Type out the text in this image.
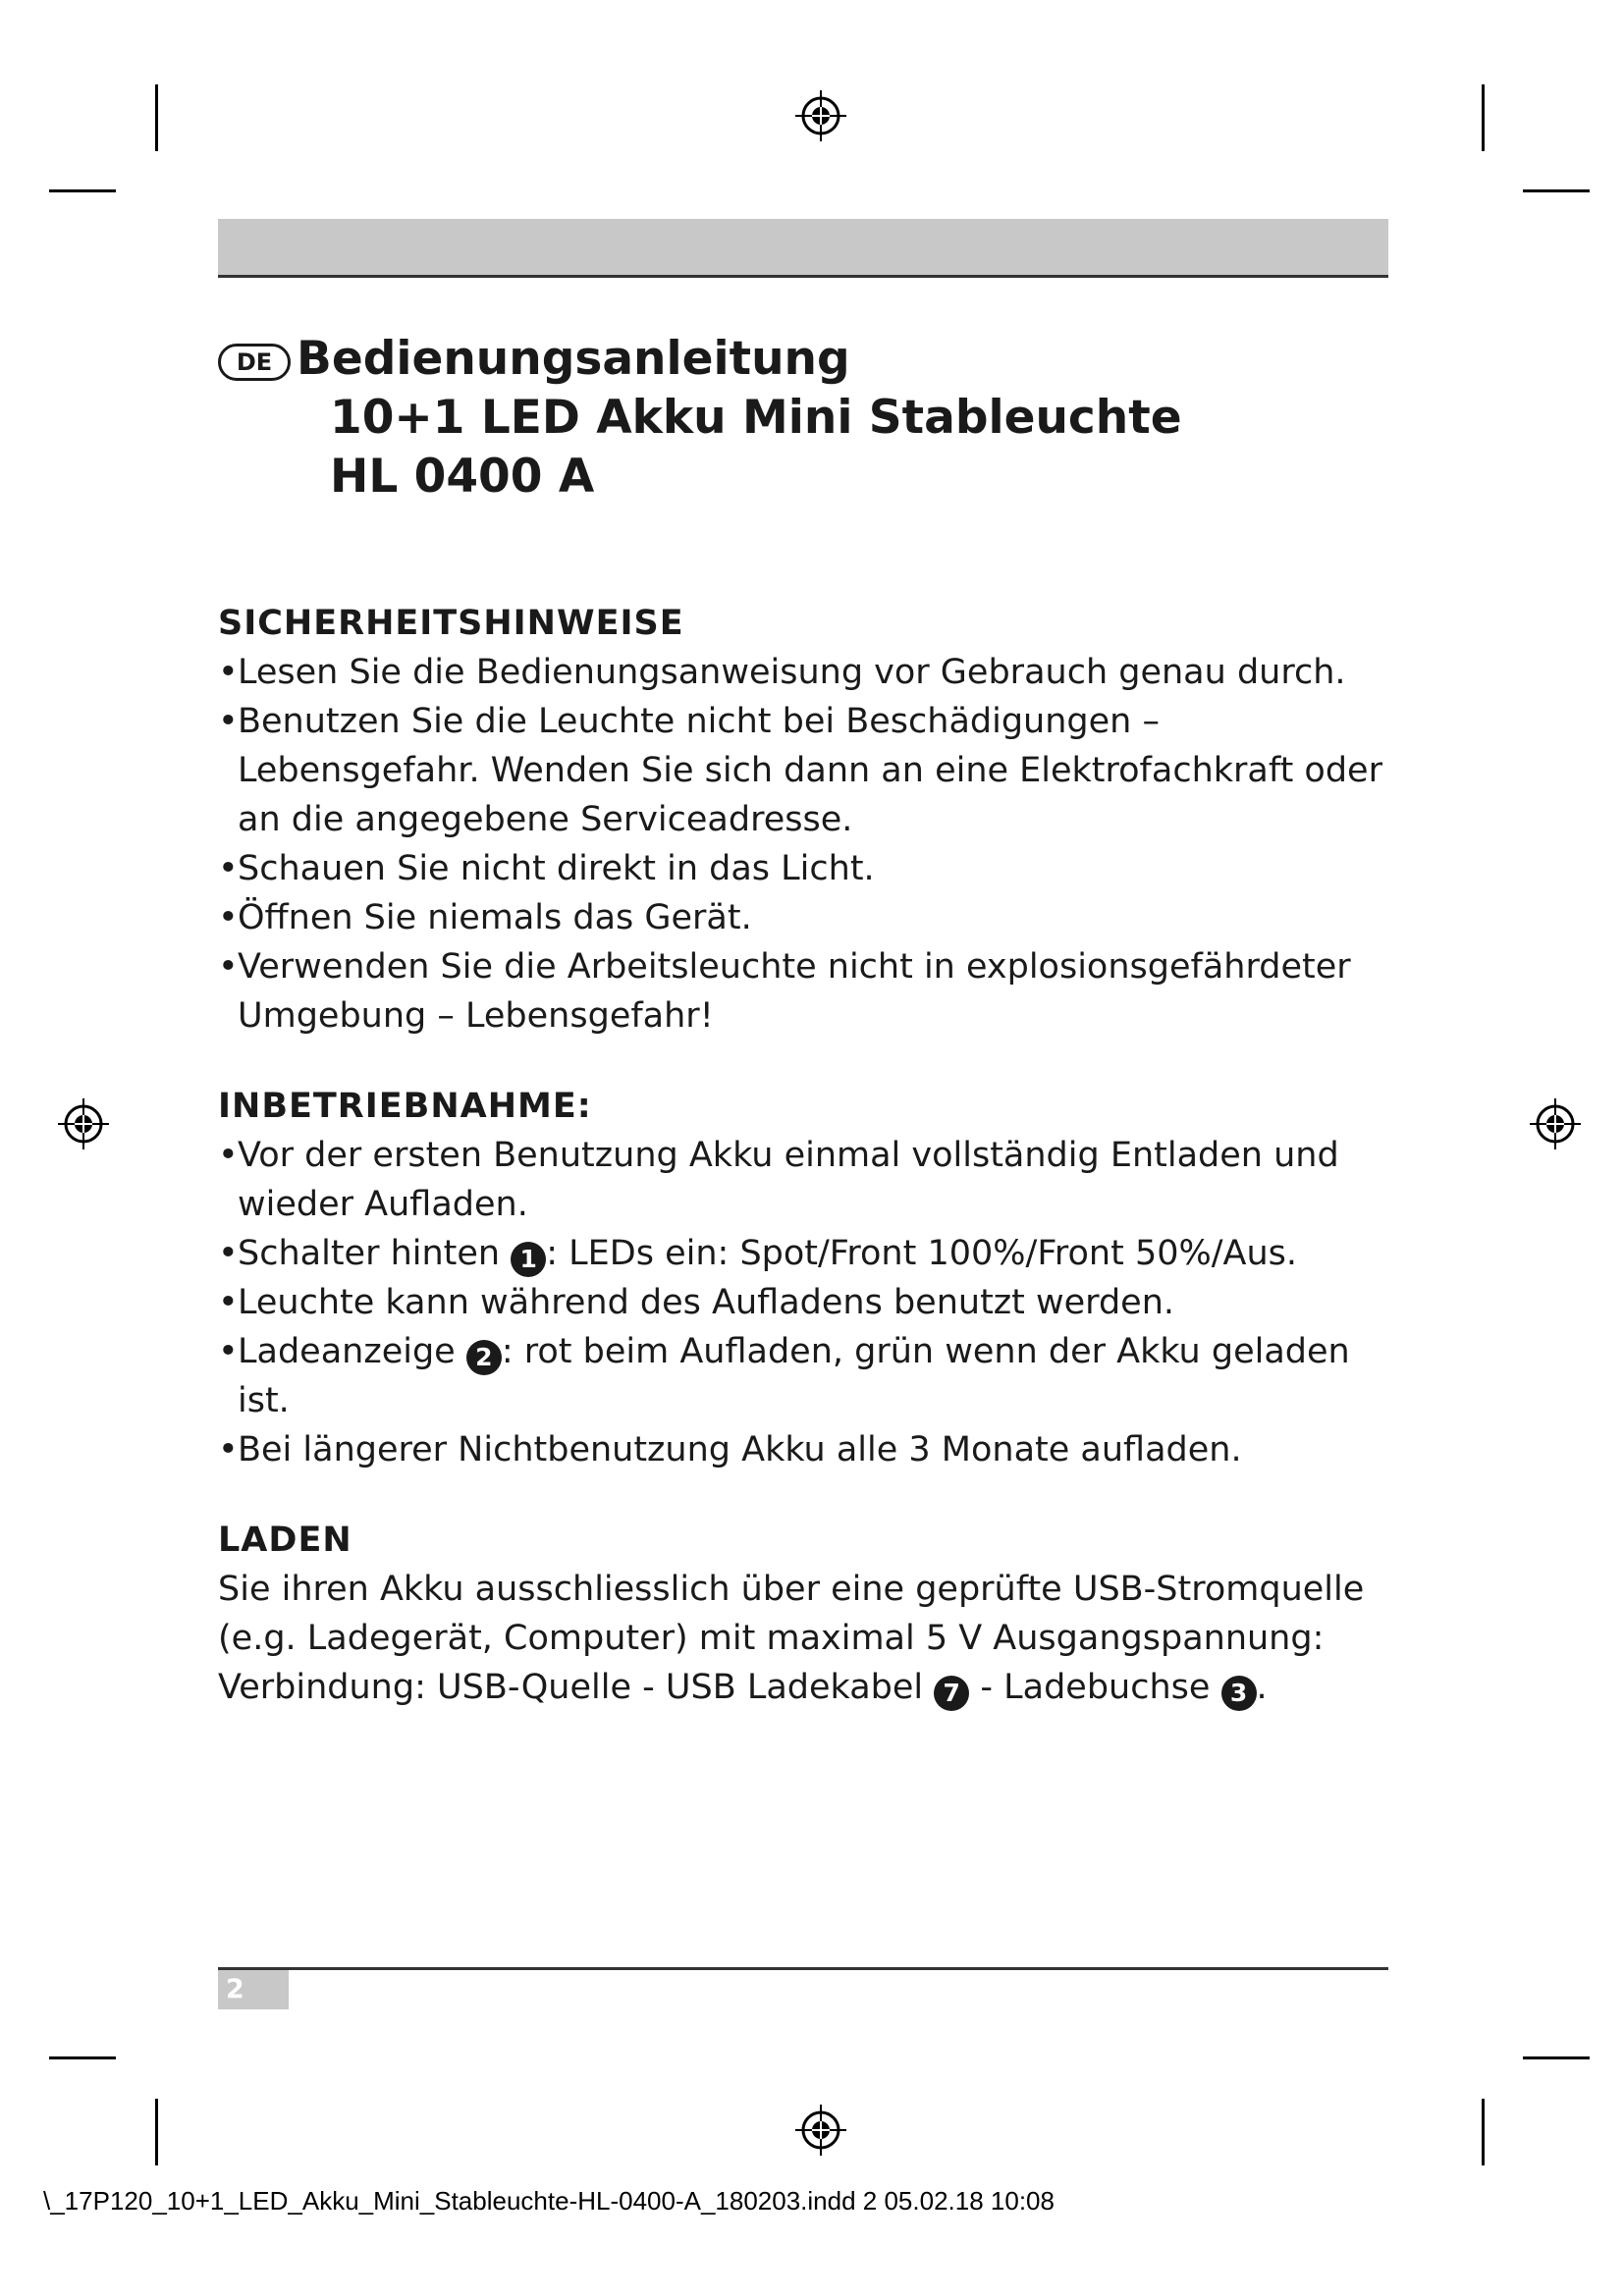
DE Bedienungsanleitung
10+1 LED Akku Mini Stableuchte
HL 0400 A
SICHERHEITSHINWEISE
• Lesen Sie die Bedienungsanweisung vor Gebrauch genau durch.
• Benutzen Sie die Leuchte nicht bei Beschädigungen –
Lebensgefahr. Wenden Sie sich dann an eine Elektrofachkraft oder
an die angegebene Serviceadresse.
• Schauen Sie nicht direkt in das Licht.
• Öffnen Sie niemals das Gerät.
• Verwenden Sie die Arbeitsleuchte nicht in explosionsgefährdeter
Umgebung – Lebensgefahr!
INBETRIEBNAHME:
• Vor der ersten Benutzung Akku einmal vollständig Entladen und
wieder Aufladen.
• Schalter hinten 1 : LEDs ein: Spot/Front 100%/Front 50%/Aus.
• Leuchte kann während des Aufladens benutzt werden.
• Ladeanzeige 2 : rot beim Aufladen, grün wenn der Akku geladen ist.
• Bei längerer Nichtbenutzung Akku alle 3 Monate aufladen.
LADEN

Sie ihren Akku ausschliesslich über eine geprüfte USB-Stromquelle

(e.g. Ladegerät, Computer) mit maximal 5 V Ausgangspannung:

Verbindung: USB-Quelle - USB Ladekabel 7 - Ladebuchse 3 .

2
\_17P120_10+1_LED_Akku_Mini_Stableuchte-HL-0400-A_180203.indd 2 05.02.18 10:08
